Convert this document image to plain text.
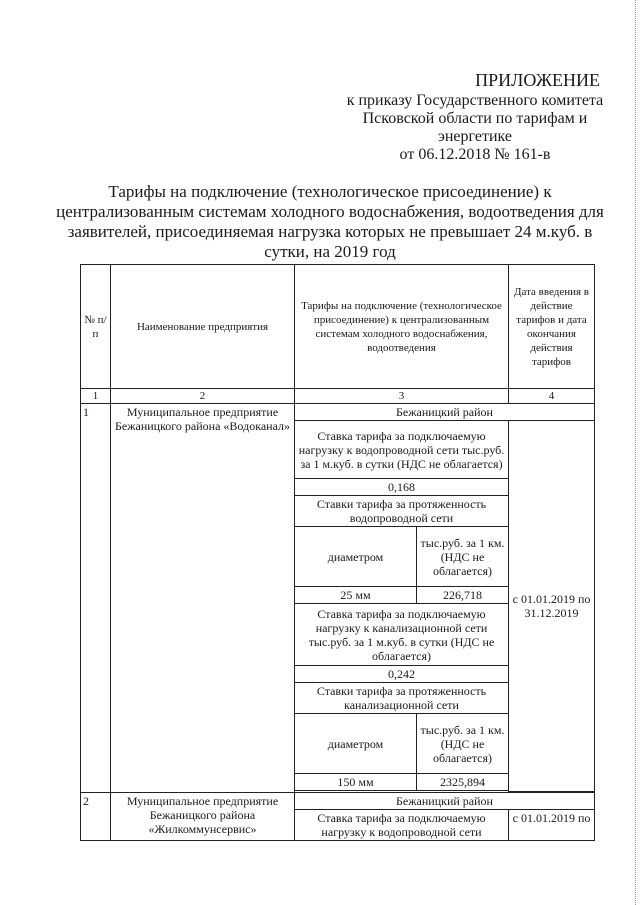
ПРИЛОЖЕНИЕ
к приказу Государственного комитета
Псковской области по тарифам и
энергетике
от 06.12.2018 № 161-в
Тарифы на подключение (технологическое присоединение) к централизованным системам холодного водоснабжения, водоотведения для заявителей, присоединяемая нагрузка которых не превышает 24 м.куб. в сутки, на 2019 год
№ п/п	Наименование предприятия	Тарифы на подключение (технологическое присоединение) к централизованным системам холодного водоснабжения, водоотведения		Дата введения в действие тарифов и дата окончания действия тарифов
1	2	3		4
1	Муниципальное предприятие Бежаницкого района «Водоканал»	Бежаницкий район		
		Ставка тарифа за подключаемую нагрузку к водопроводной сети тыс.руб. за 1 м.куб. в сутки (НДС не облагается)		с 01.01.2019 по 31.12.2019
		0,168		
		Ставки тарифа за протяженность водопроводной сети		
		диаметром	тыс.руб. за 1 км. (НДС не облагается)	
		25 мм	226,718	
		Ставка тарифа за подключаемую нагрузку к канализационной сети тыс.руб. за 1 м.куб. в сутки (НДС не облагается)		
		0,242		
		Ставки тарифа за протяженность канализационной сети		
		диаметром	тыс.руб. за 1 км. (НДС не облагается)	
		150 мм	2325,894	

2	Муниципальное предприятие Бежаницкого района «Жилкоммунсервис»	Бежаницкий район		
		Ставка тарифа за подключаемую нагрузку к водопроводной сети		с 01.01.2019 по
